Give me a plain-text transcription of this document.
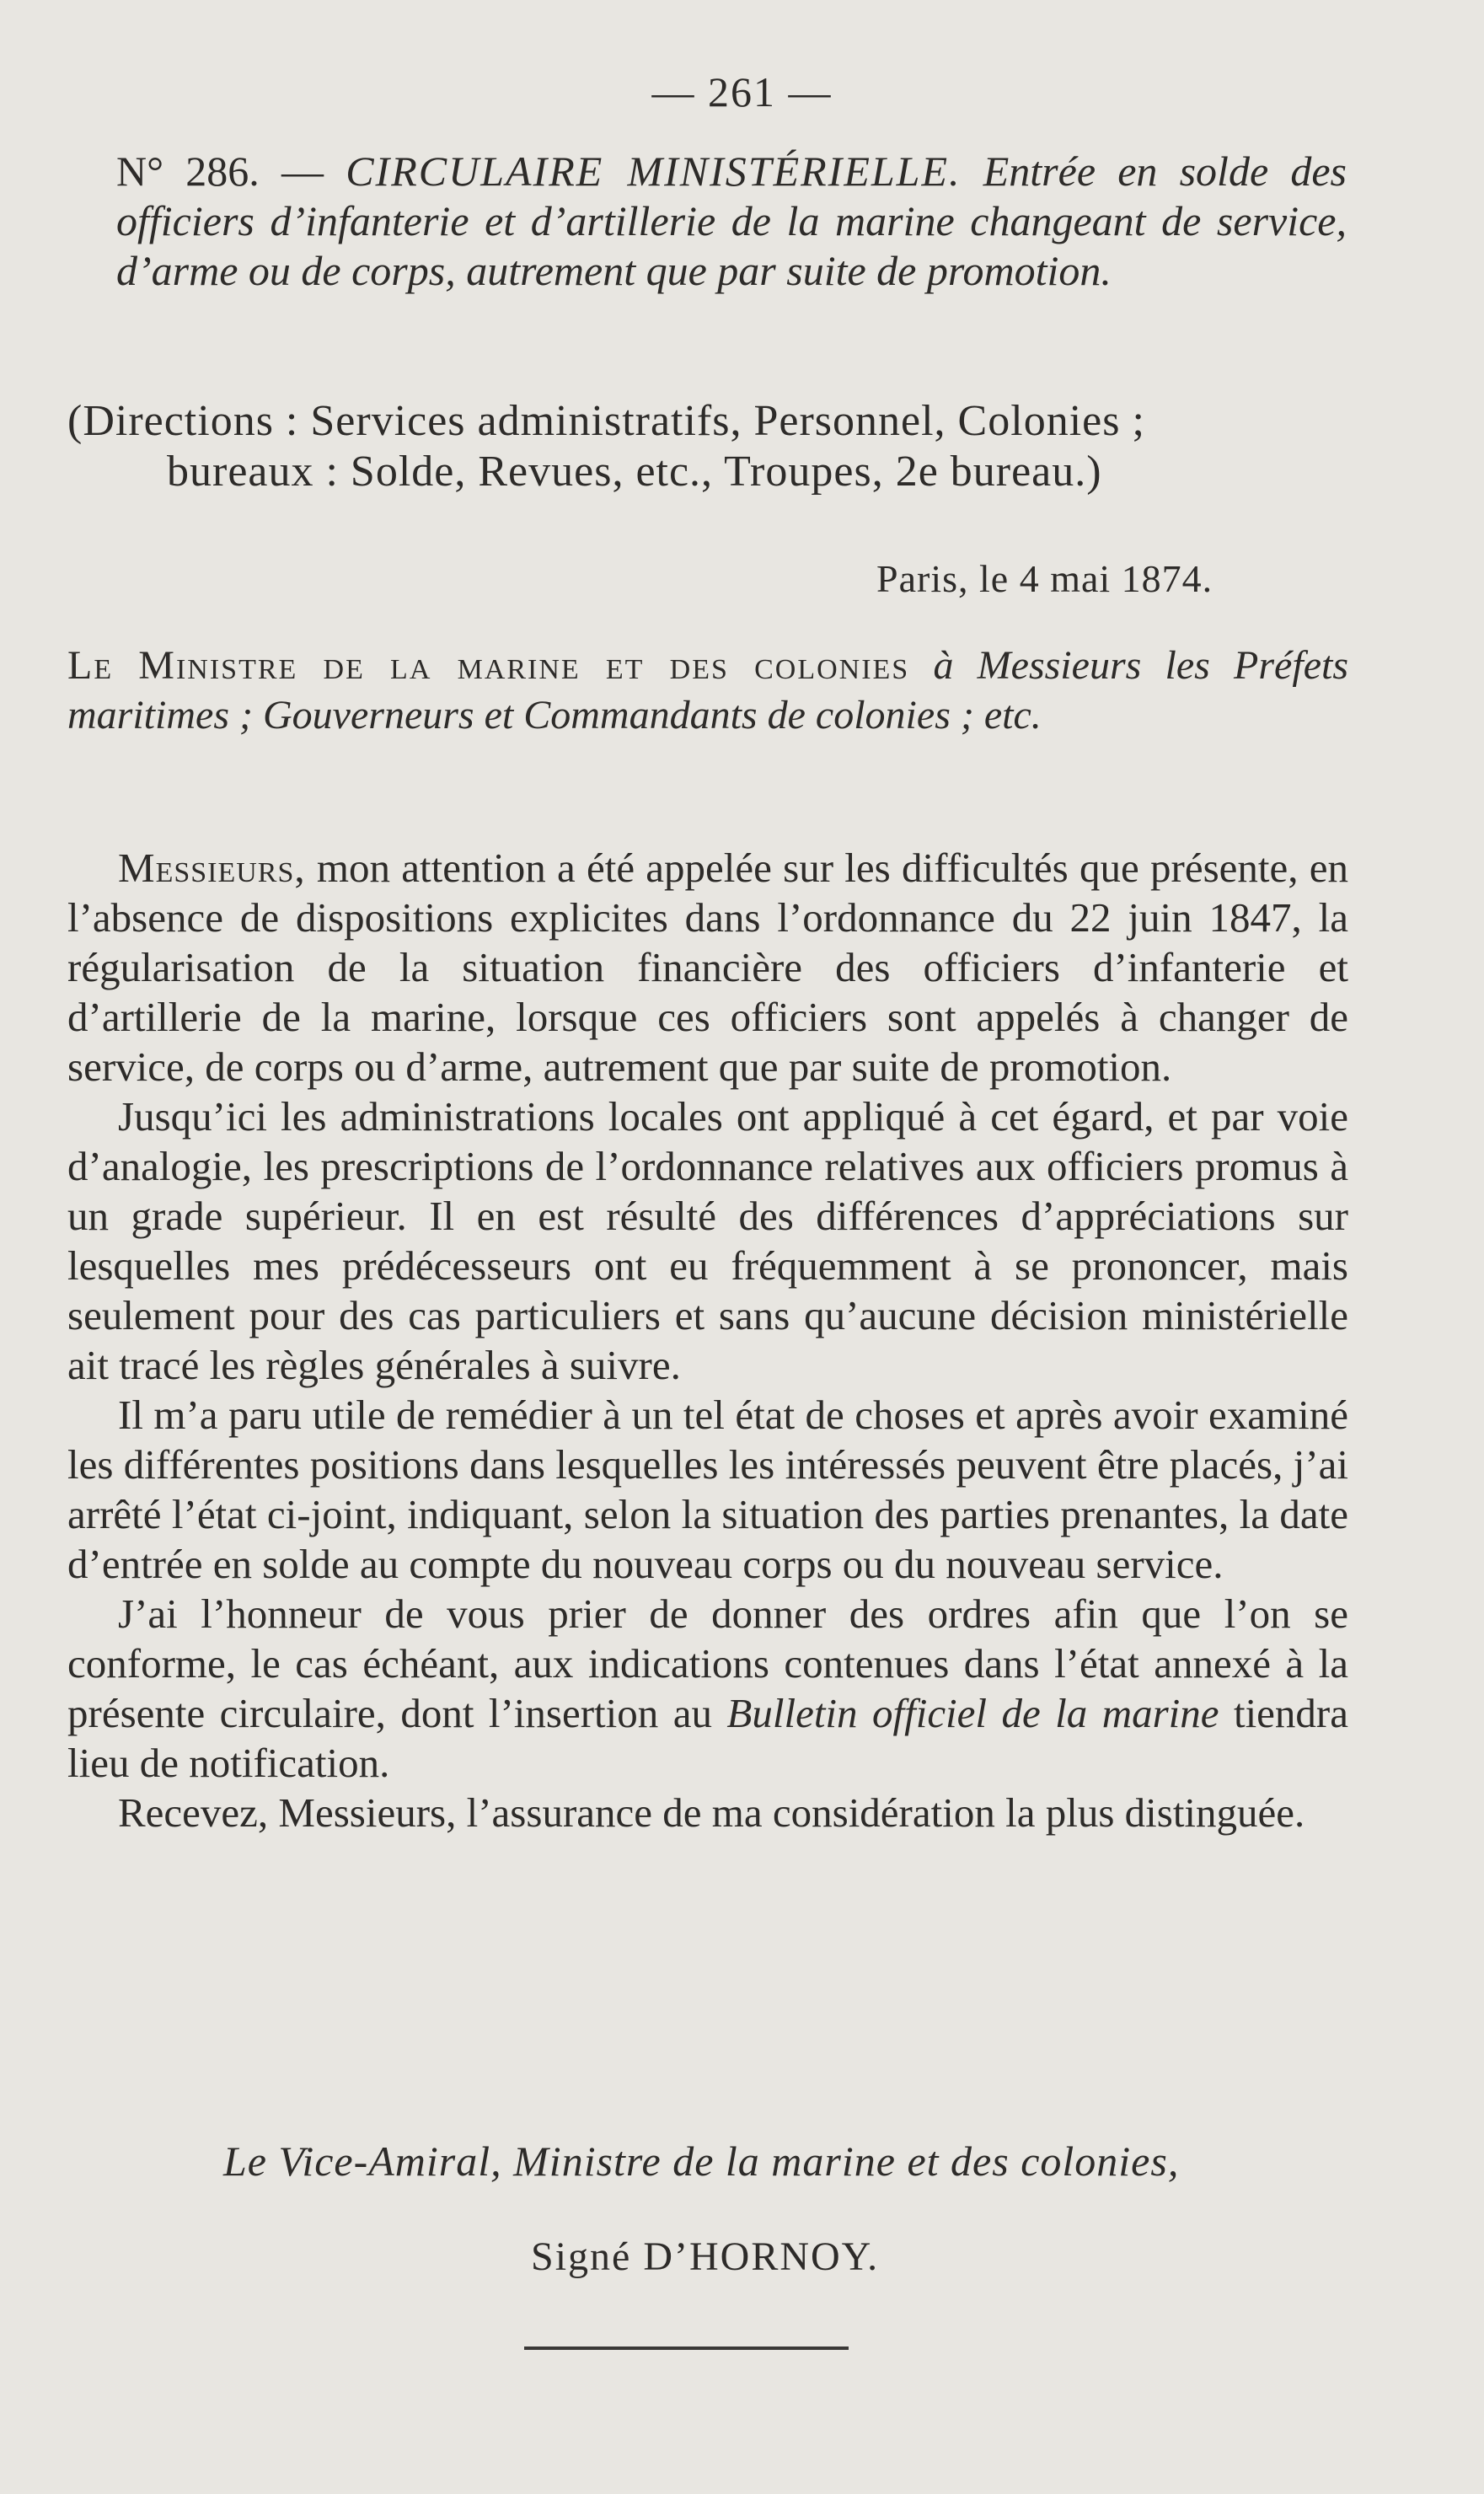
— 261 —
N° 286. — CIRCULAIRE MINISTÉRIELLE. Entrée en solde des officiers d’infanterie et d’artillerie de la marine changeant de service, d’arme ou de corps, autrement que par suite de promotion.
(Directions : Services administratifs, Personnel, Colonies ;
bureaux : Solde, Revues, etc., Troupes, 2e bureau.)
Paris, le 4 mai 1874.
Le Ministre de la marine et des colonies à Messieurs les Préfets maritimes ; Gouverneurs et Commandants de colonies ; etc.

Messieurs, mon attention a été appelée sur les difficultés que présente, en l’absence de dispositions explicites dans l’ordonnance du 22 juin 1847, la régularisation de la situation financière des officiers d’infanterie et d’artillerie de la marine, lorsque ces officiers sont appelés à changer de service, de corps ou d’arme, autrement que par suite de promotion.

Jusqu’ici les administrations locales ont appliqué à cet égard, et par voie d’analogie, les prescriptions de l’ordonnance relatives aux officiers promus à un grade supérieur. Il en est résulté des différences d’appréciations sur lesquelles mes prédécesseurs ont eu fréquemment à se prononcer, mais seulement pour des cas particuliers et sans qu’aucune décision ministérielle ait tracé les règles générales à suivre.

Il m’a paru utile de remédier à un tel état de choses et après avoir examiné les différentes positions dans lesquelles les intéressés peuvent être placés, j’ai arrêté l’état ci-joint, indiquant, selon la situation des parties prenantes, la date d’entrée en solde au compte du nouveau corps ou du nouveau service.

J’ai l’honneur de vous prier de donner des ordres afin que l’on se conforme, le cas échéant, aux indications contenues dans l’état annexé à la présente circulaire, dont l’insertion au Bulletin officiel de la marine tiendra lieu de notification.

Recevez, Messieurs, l’assurance de ma considération la plus distinguée.

Le Vice-Amiral, Ministre de la marine et des colonies,
Signé D’HORNOY.
